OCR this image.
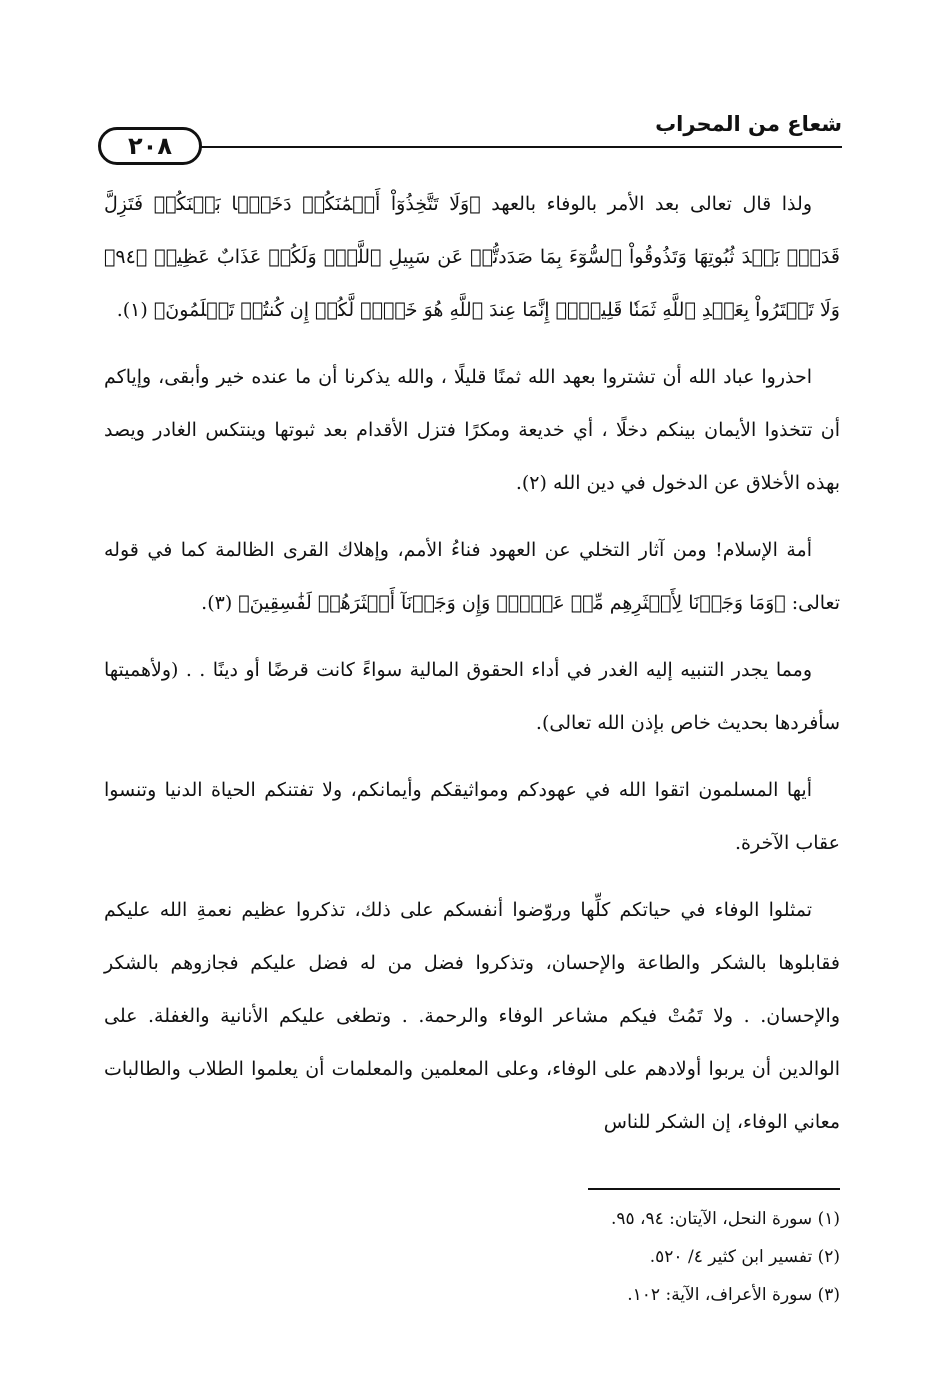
شعاع من المحراب
٢٠٨

ولذا قال تعالى بعد الأمر بالوفاء بالعهد ﴿وَلَا تَتَّخِذُوٓاْ أَيۡمَٰنَكُمۡ دَخَلَۢا بَيۡنَكُمۡ فَتَزِلَّ قَدَمُۢ بَعۡدَ ثُبُوتِهَا وَتَذُوقُواْ ٱلسُّوٓءَ بِمَا صَدَدتُّمۡ عَن سَبِيلِ ٱللَّهِۖ وَلَكُمۡ عَذَابٌ عَظِيمٞ ﴿٩٤﴾ وَلَا تَشۡتَرُواْ بِعَهۡدِ ٱللَّهِ ثَمَنٗا قَلِيلًاۚ إِنَّمَا عِندَ ٱللَّهِ هُوَ خَيۡرٞ لَّكُمۡ إِن كُنتُمۡ تَعۡلَمُونَ﴾ (١).

احذروا عباد الله أن تشتروا بعهد الله ثمنًا قليلًا ، والله يذكرنا أن ما عنده خير وأبقى، وإياكم أن تتخذوا الأيمان بينكم دخلًا ، أي خديعة ومكرًا فتزل الأقدام بعد ثبوتها وينتكس الغادر ويصد بهذه الأخلاق عن الدخول في دين الله (٢).

أمة الإسلام! ومن آثار التخلي عن العهود فناءُ الأمم، وإهلاك القرى الظالمة كما في قوله تعالى: ﴿وَمَا وَجَدۡنَا لِأَكۡثَرِهِم مِّنۡ عَهۡدٖۖ وَإِن وَجَدۡنَآ أَكۡثَرَهُمۡ لَفَٰسِقِينَ﴾ (٣).

ومما يجدر التنبيه إليه الغدر في أداء الحقوق المالية سواءً كانت قرضًا أو دينًا . . (ولأهميتها سأفردها بحديث خاص بإذن الله تعالى).

أيها المسلمون اتقوا الله في عهودكم ومواثيقكم وأيمانكم، ولا تفتنكم الحياة الدنيا وتنسوا عقاب الآخرة.

تمثلوا الوفاء في حياتكم كلِّها وروّضوا أنفسكم على ذلك، تذكروا عظيم نعمةِ الله عليكم فقابلوها بالشكر والطاعة والإحسان، وتذكروا فضل من له فضل عليكم فجازوهم بالشكر والإحسان. . ولا تَمُتْ فيكم مشاعر الوفاء والرحمة. . وتطغى عليكم الأنانية والغفلة. على الوالدين أن يربوا أولادهم على الوفاء، وعلى المعلمين والمعلمات أن يعلموا الطلاب والطالبات معاني الوفاء، إن الشكر للناس

(١) سورة النحل، الآيتان: ٩٤، ٩٥.
(٢) تفسير ابن كثير ٤/ ٥٢٠.
(٣) سورة الأعراف، الآية: ١٠٢.
